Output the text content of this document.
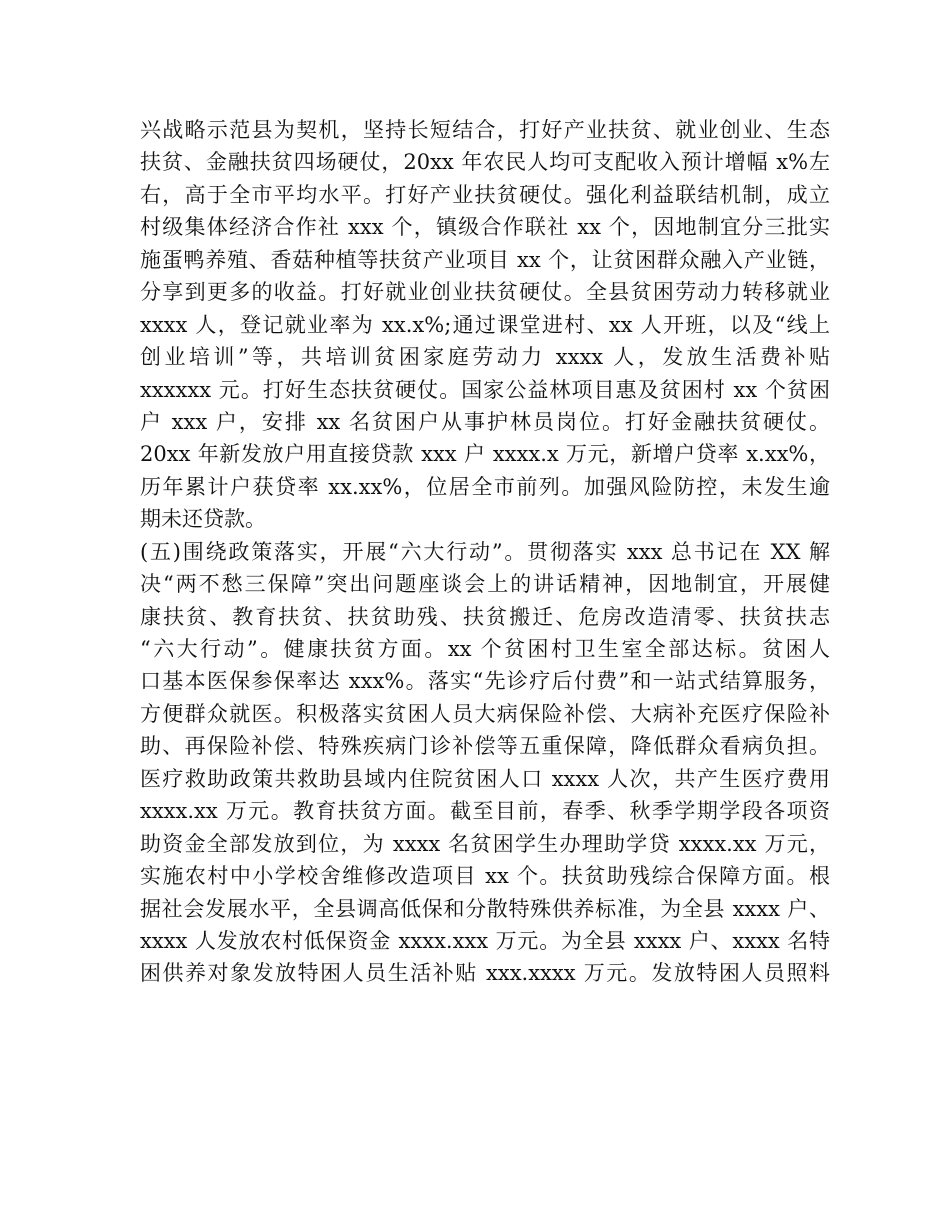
兴战略示范县为契机，坚持长短结合，打好产业扶贫、就业创业、生态
扶贫、金融扶贫四场硬仗，20xx 年农民人均可支配收入预计增幅 x%左
右，高于全市平均水平。打好产业扶贫硬仗。强化利益联结机制，成立
村级集体经济合作社 xxx 个，镇级合作联社 xx 个，因地制宜分三批实
施蛋鸭养殖、香菇种植等扶贫产业项目 xx 个，让贫困群众融入产业链，
分享到更多的收益。打好就业创业扶贫硬仗。全县贫困劳动力转移就业
xxxx 人，登记就业率为 xx.x%;通过课堂进村、xx 人开班，以及“线上
创业培训”等，共培训贫困家庭劳动力 xxxx 人，发放生活费补贴
xxxxxx 元。打好生态扶贫硬仗。国家公益林项目惠及贫困村 xx 个贫困
户 xxx 户，安排 xx 名贫困户从事护林员岗位。打好金融扶贫硬仗。
20xx 年新发放户用直接贷款 xxx 户 xxxx.x 万元，新增户贷率 x.xx%，
历年累计户获贷率 xx.xx%，位居全市前列。加强风险防控，未发生逾
期未还贷款。
(五)围绕政策落实，开展“六大行动”。贯彻落实 xxx 总书记在 XX 解
决“两不愁三保障”突出问题座谈会上的讲话精神，因地制宜，开展健
康扶贫、教育扶贫、扶贫助残、扶贫搬迁、危房改造清零、扶贫扶志
“六大行动”。健康扶贫方面。xx 个贫困村卫生室全部达标。贫困人
口基本医保参保率达 xxx%。落实“先诊疗后付费”和一站式结算服务，
方便群众就医。积极落实贫困人员大病保险补偿、大病补充医疗保险补
助、再保险补偿、特殊疾病门诊补偿等五重保障，降低群众看病负担。
医疗救助政策共救助县域内住院贫困人口 xxxx 人次，共产生医疗费用
xxxx.xx 万元。教育扶贫方面。截至目前，春季、秋季学期学段各项资
助资金全部发放到位，为 xxxx 名贫困学生办理助学贷 xxxx.xx 万元，
实施农村中小学校舍维修改造项目 xx 个。扶贫助残综合保障方面。根
据社会发展水平，全县调高低保和分散特殊供养标准，为全县 xxxx 户、
xxxx 人发放农村低保资金 xxxx.xxx 万元。为全县 xxxx 户、xxxx 名特
困供养对象发放特困人员生活补贴 xxx.xxxx 万元。发放特困人员照料
